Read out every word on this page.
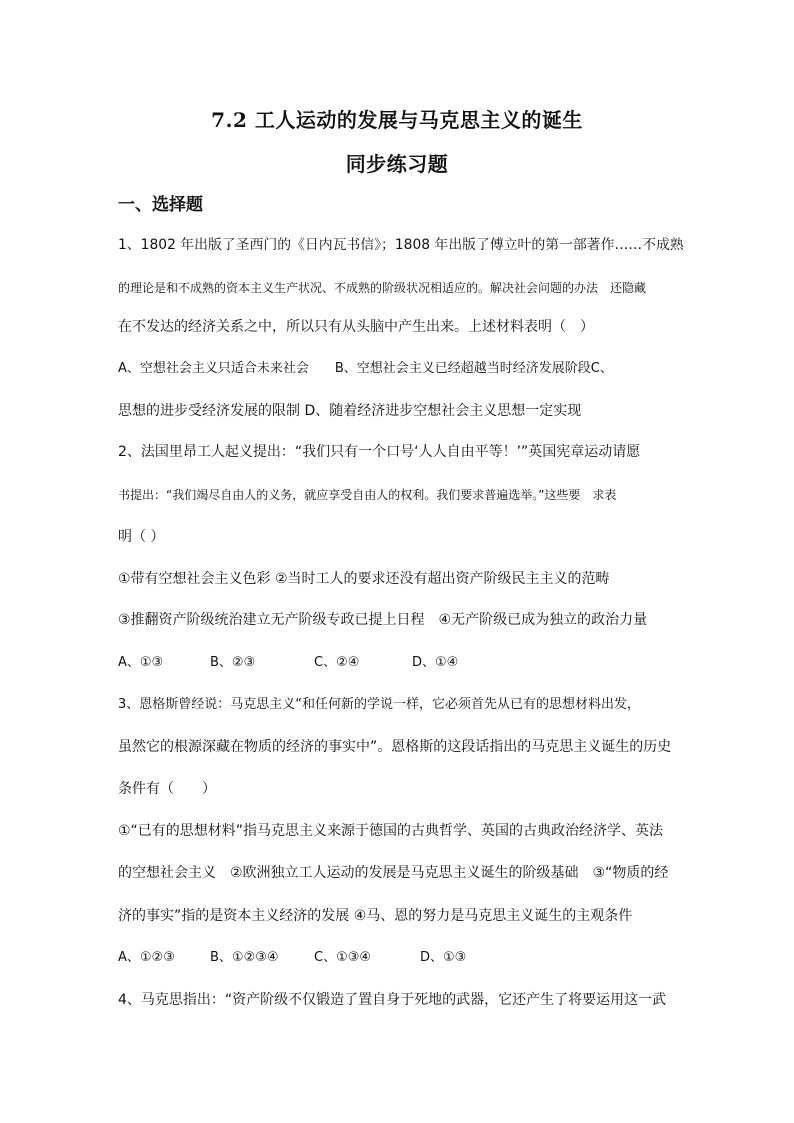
7.2 工人运动的发展与马克思主义的诞生
同步练习题
一、选择题
1、1802 年出版了圣西门的《日内瓦书信》；1808 年出版了傅立叶的第一部著作……不成熟
的理论是和不成熟的资本主义生产状况、不成熟的阶级状况相适应的。解决社会问题的办法　还隐藏
在不发达的经济关系之中，所以只有从头脑中产生出来。上述材料表明（　）
A、空想社会主义只适合未来社会　　B、空想社会主义已经超越当时经济发展阶段C、
思想的进步受经济发展的限制 D、随着经济进步空想社会主义思想一定实现
2、法国里昂工人起义提出：“我们只有一个口号‘人人自由平等！’”英国宪章运动请愿
书提出：“我们竭尽自由人的义务，就应享受自由人的权利。我们要求普遍选举。”这些要　求表
明（ ）
①带有空想社会主义色彩 ②当时工人的要求还没有超出资产阶级民主主义的范畴
③推翻资产阶级统治建立无产阶级专政已提上日程　④无产阶级已成为独立的政治力量
A、①③	B、②③	C、②④	D、①④
3、恩格斯曾经说：马克思主义“和任何新的学说一样，它必须首先从已有的思想材料出发，
虽然它的根源深藏在物质的经济的事实中”。恩格斯的这段话指出的马克思主义诞生的历史
条件有（　　）
①“已有的思想材料”指马克思主义来源于德国的古典哲学、英国的古典政治经济学、英法
的空想社会主义　②欧洲独立工人运动的发展是马克思主义诞生的阶级基础　③“物质的经
济的事实”指的是资本主义经济的发展 ④马、恩的努力是马克思主义诞生的主观条件
A、①②③	B、①②③④	C、①③④	D、①③
4、马克思指出：“资产阶级不仅锻造了置自身于死地的武器，它还产生了将要运用这一武
